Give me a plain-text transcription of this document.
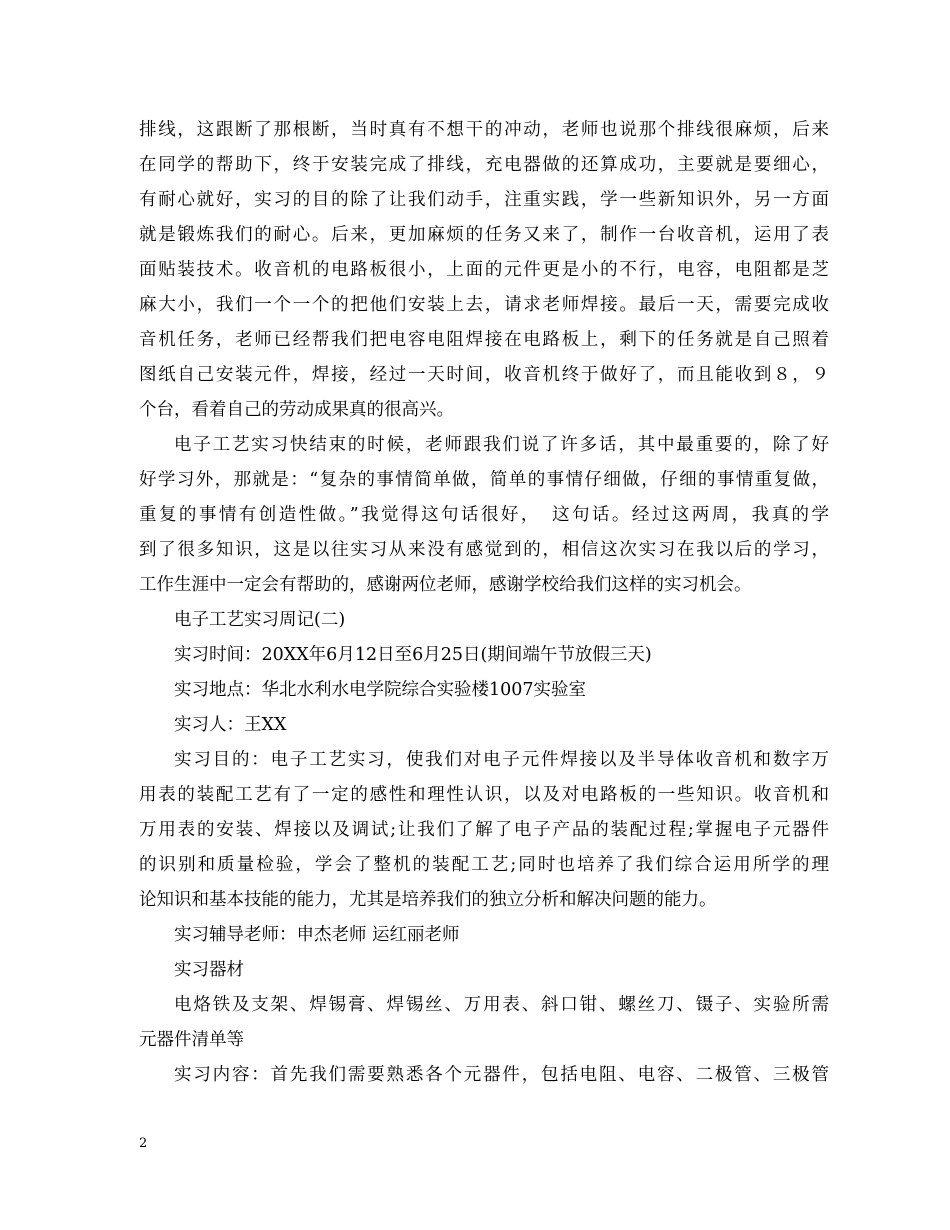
排线，这跟断了那根断，当时真有不想干的冲动，老师也说那个排线很麻烦，后来
在同学的帮助下，终于安装完成了排线，充电器做的还算成功，主要就是要细心，
有耐心就好，实习的目的除了让我们动手，注重实践，学一些新知识外，另一方面
就是锻炼我们的耐心。后来，更加麻烦的任务又来了，制作一台收音机，运用了表
面贴装技术。收音机的电路板很小，上面的元件更是小的不行，电容，电阻都是芝
麻大小，我们一个一个的把他们安装上去，请求老师焊接。最后一天，需要完成收
音机任务，老师已经帮我们把电容电阻焊接在电路板上，剩下的任务就是自己照着
图纸自己安装元件，焊接，经过一天时间，收音机终于做好了，而且能收到８，９
个台，看着自己的劳动成果真的很高兴。
电子工艺实习快结束的时候，老师跟我们说了许多话，其中最重要的，除了好
好学习外，那就是：“复杂的事情简单做，简单的事情仔细做，仔细的事情重复做，
重复的事情有创造性做。”我觉得这句话很好，　这句话。经过这两周，我真的学
到了很多知识，这是以往实习从来没有感觉到的，相信这次实习在我以后的学习，
工作生涯中一定会有帮助的，感谢两位老师，感谢学校给我们这样的实习机会。
电子工艺实习周记(二)
实习时间：20XX年6月12日至6月25日(期间端午节放假三天)
实习地点：华北水利水电学院综合实验楼1007实验室
实习人：王XX
实习目的：电子工艺实习，使我们对电子元件焊接以及半导体收音机和数字万
用表的装配工艺有了一定的感性和理性认识，以及对电路板的一些知识。收音机和
万用表的安装、焊接以及调试;让我们了解了电子产品的装配过程;掌握电子元器件
的识别和质量检验，学会了整机的装配工艺;同时也培养了我们综合运用所学的理
论知识和基本技能的能力，尤其是培养我们的独立分析和解决问题的能力。
实习辅导老师：申杰老师 运红丽老师
实习器材
电烙铁及支架、焊锡膏、焊锡丝、万用表、斜口钳、螺丝刀、镊子、实验所需
元器件清单等
实习内容：首先我们需要熟悉各个元器件，包括电阻、电容、二极管、三极管
2
